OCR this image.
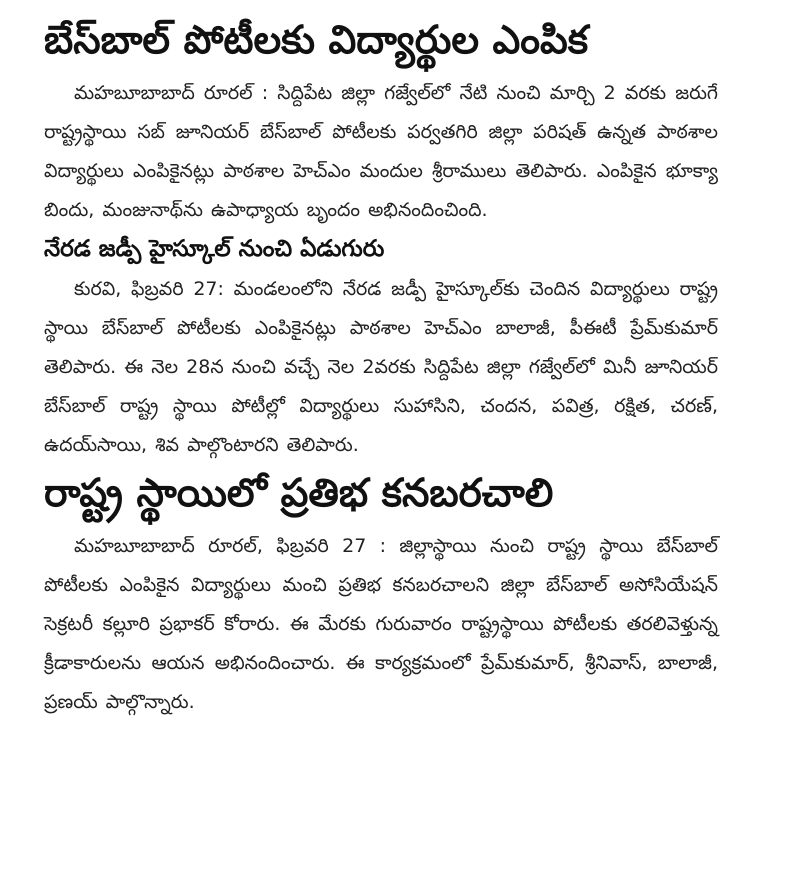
బేస్‌బాల్‌ పోటీలకు విద్యార్థుల ఎంపిక

మహబూబాబాద్‌ రూరల్‌ : సిద్దిపేట జిల్లా గజ్వేల్‌లో నేటి నుంచి మార్చి 2 వరకు జరుగే రాష్ట్రస్థాయి సబ్‌ జూనియర్‌ బేస్‌బాల్‌ పోటీలకు పర్వతగిరి జిల్లా పరిషత్‌ ఉన్నత పాఠశాల విద్యార్థులు ఎంపికైనట్లు పాఠశాల హెచ్‌ఎం మందుల శ్రీరాములు తెలిపారు. ఎంపికైన భూక్యా బిందు, మంజునాథ్‌ను ఉపాధ్యాయ బృందం అభినందించింది.

నేరడ జడ్పీ హైస్కూల్‌ నుంచి ఏడుగురు

కురవి, ఫిబ్రవరి 27: మండలంలోని నేరడ జడ్పీ హైస్కూల్‌కు చెందిన విద్యార్థులు రాష్ట్ర స్థాయి బేస్‌బాల్‌ పోటీలకు ఎంపికైనట్లు పాఠశాల హెచ్‌ఎం బాలాజీ, పీఈటీ ప్రేమ్‌కుమార్‌ తెలిపారు. ఈ నెల 28న నుంచి వచ్చే నెల 2వరకు సిద్దిపేట జిల్లా గజ్వేల్‌లో మినీ జూనియర్‌ బేస్‌బాల్‌ రాష్ట్ర స్థాయి పోటీల్లో విద్యార్థులు సుహాసిని, చందన, పవిత్ర, రక్షిత, చరణ్‌, ఉదయ్‌సాయి, శివ పాల్గొంటారని తెలిపారు.

రాష్ట్ర స్థాయిలో ప్రతిభ కనబరచాలి

మహబూబాబాద్‌ రూరల్‌, ఫిబ్రవరి 27 : జిల్లాస్థాయి నుంచి రాష్ట్ర స్థాయి బేస్‌బాల్‌ పోటీలకు ఎంపికైన విద్యార్థులు మంచి ప్రతిభ కనబరచాలని జిల్లా బేస్‌బాల్‌ అసోసియేషన్‌ సెక్రటరీ కల్లూరి ప్రభాకర్‌ కోరారు. ఈ మేరకు గురువారం రాష్ట్రస్థాయి పోటీలకు తరలివెళ్తున్న క్రీడాకారులను ఆయన అభినందించారు. ఈ కార్యక్రమంలో ప్రేమ్‌కుమార్‌, శ్రీనివాస్‌, బాలాజీ, ప్రణయ్‌ పాల్గొన్నారు.
